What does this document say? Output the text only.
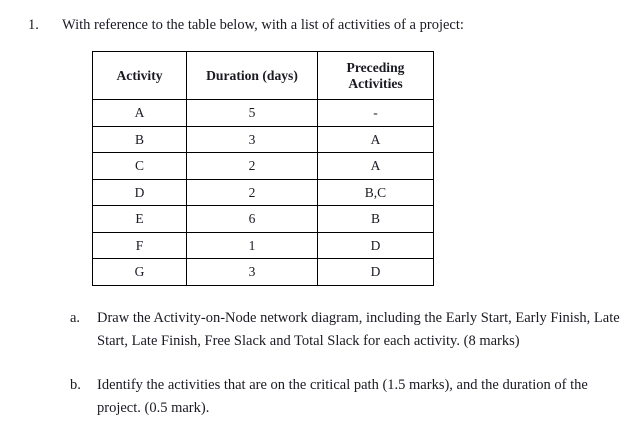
1.	With reference to the table below, with a list of activities of a project:
Activity	Duration (days)	Preceding
Activities

A	5	-
B	3	A
C	2	A
D	2	B,C
E	6	B
F	1	D
G	3	D
a.	Draw the Activity-on-Node network diagram, including the Early Start, Early Finish, Late Start, Late Finish, Free Slack and Total Slack for each activity. (8 marks)
b.	Identify the activities that are on the critical path (1.5 marks), and the duration of the project. (0.5 mark).
